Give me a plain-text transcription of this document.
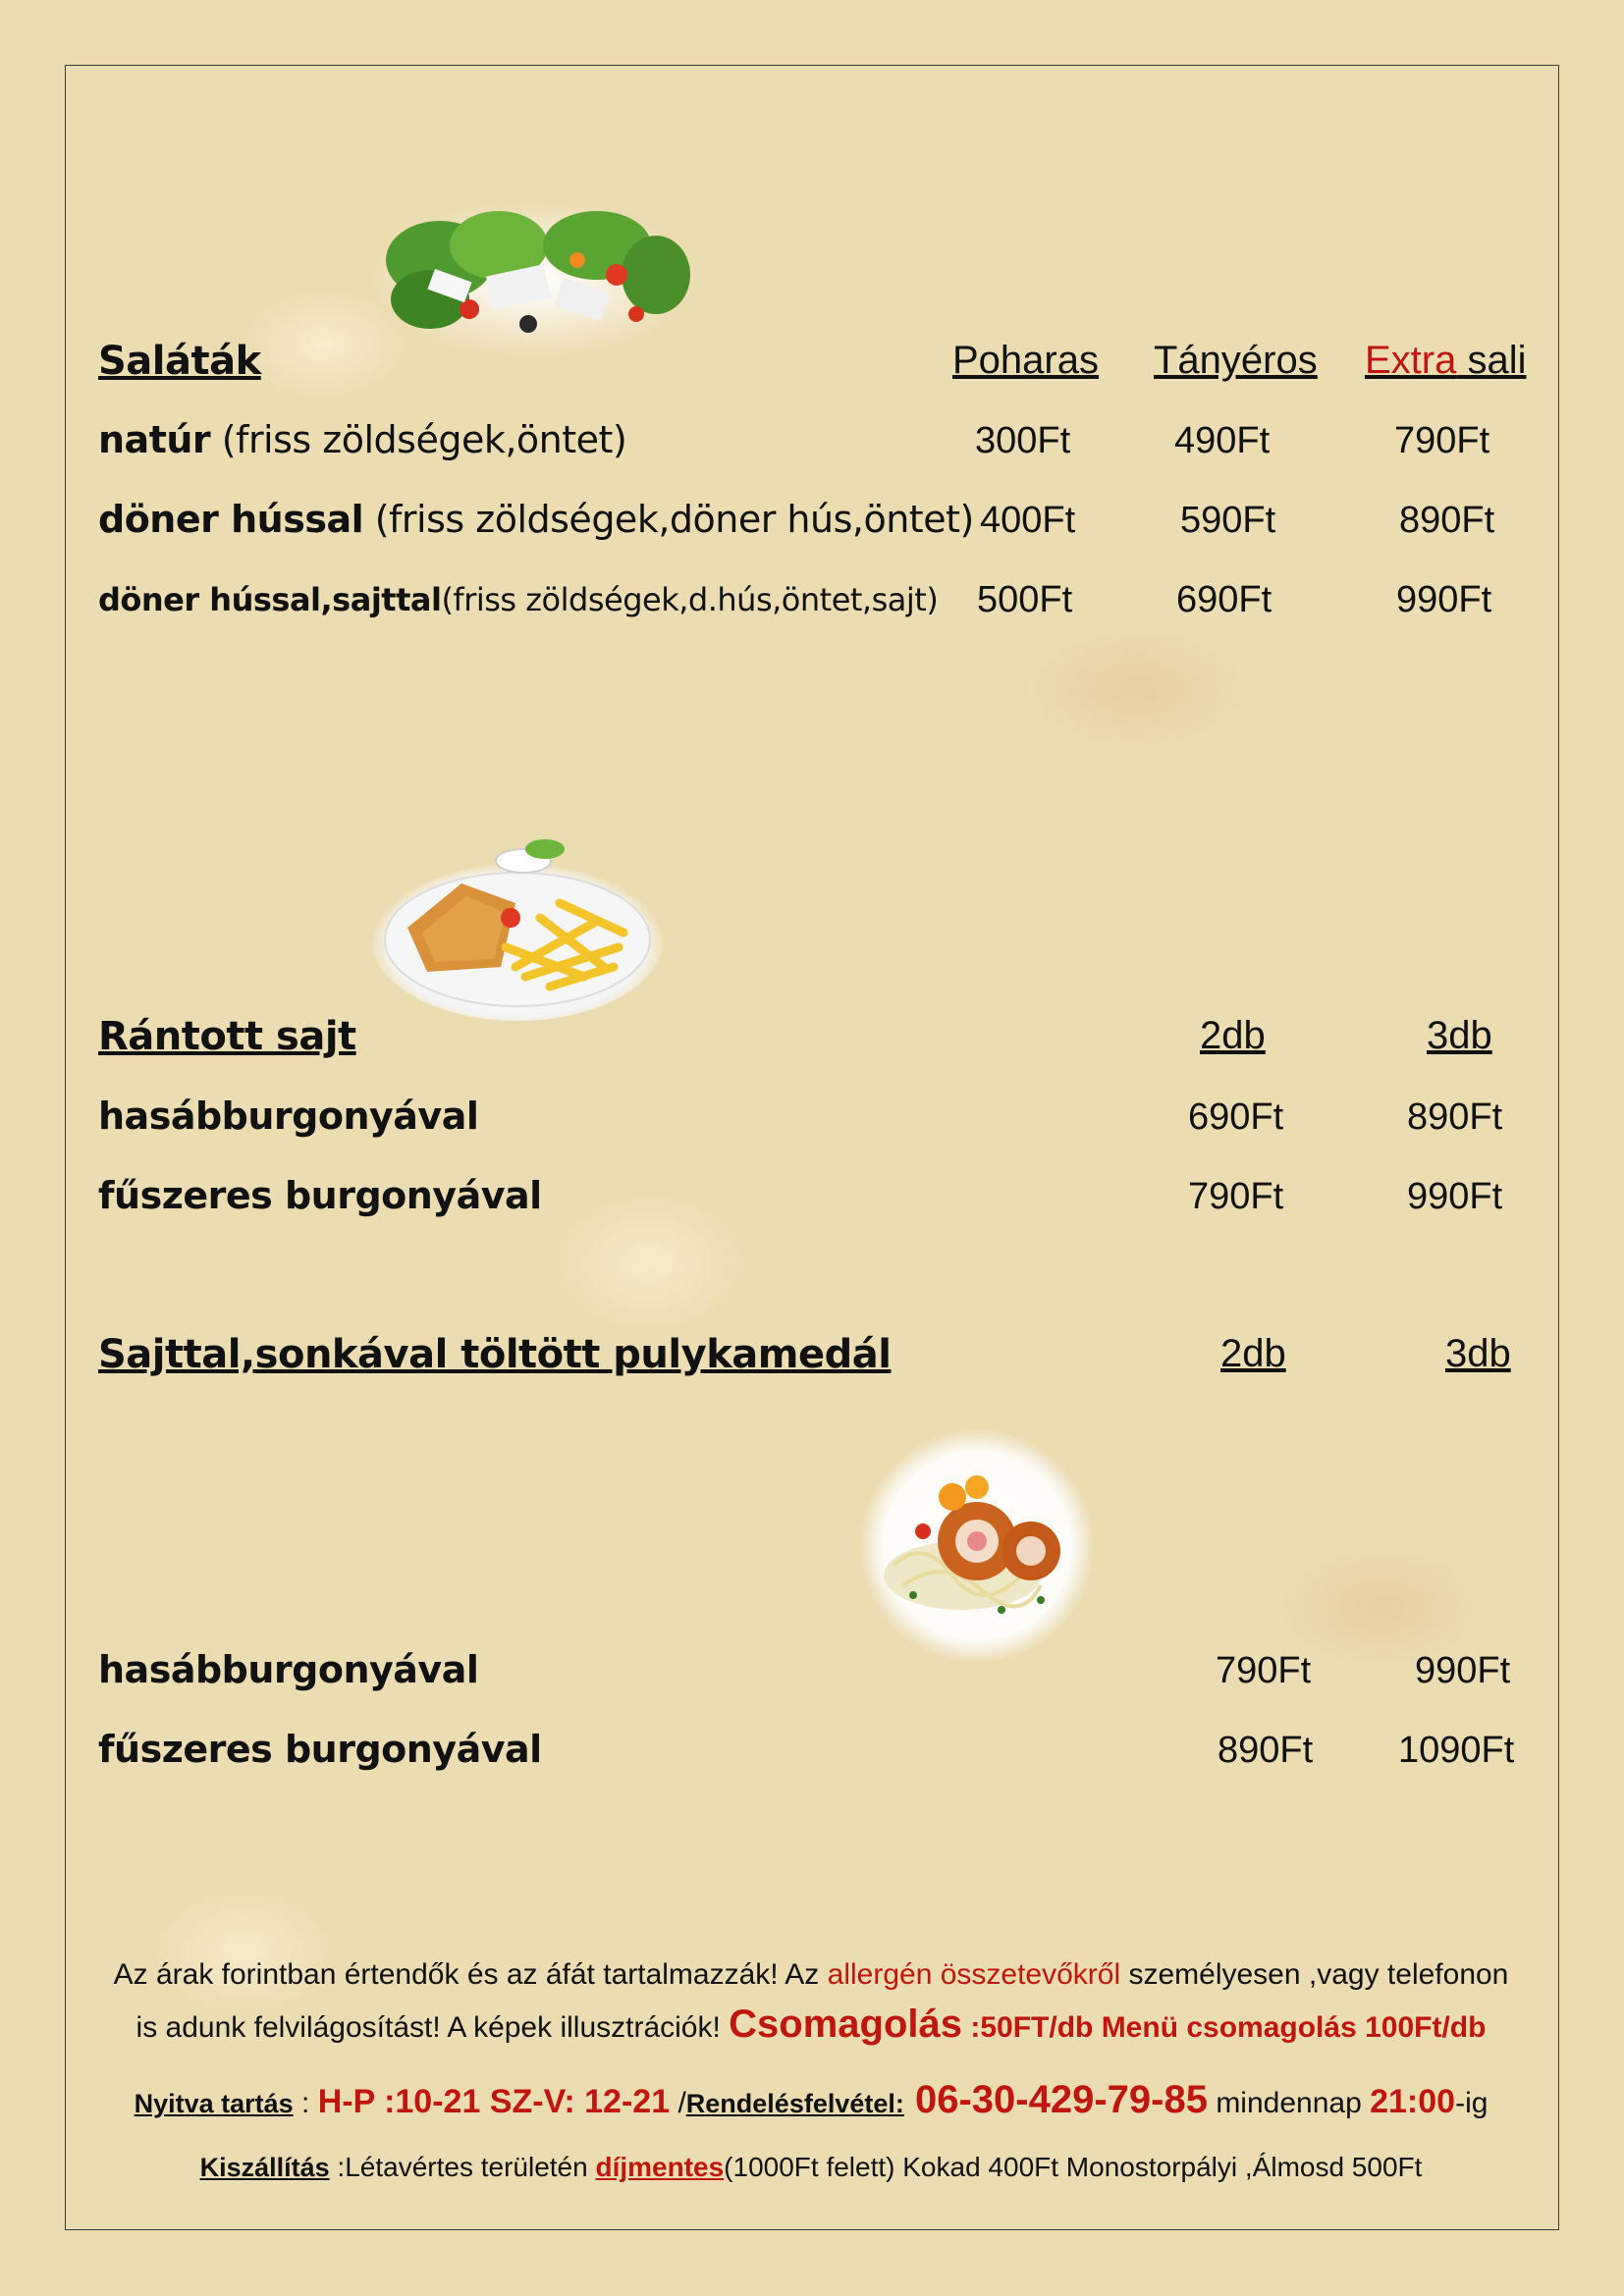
Saláták	Poharas Tányéros Extra sali
natúr (friss zöldségek,öntet)	300Ft	490Ft	790Ft
döner hússal (friss zöldségek,döner hús,öntet) 400Ft	590Ft	890Ft
döner hússal,sajttal(friss zöldségek,d.hús,öntet,sajt) 500Ft	690Ft	990Ft
Rántott sajt	2db	3db
hasábburgonyával	690Ft	890Ft
fűszeres burgonyával	790Ft	990Ft
Sajttal,sonkával töltött pulykamedál	2db	3db
hasábburgonyával	790Ft	990Ft
fűszeres burgonyával	890Ft 1090Ft
Az árak forintban értendők és az áfát tartalmazzák! Az allergén összetevőkről személyesen ,vagy telefonon
is adunk felvilágosítást! A képek illusztrációk! Csomagolás :50FT/db Menü csomagolás 100Ft/db
Nyitva tartás : H-P :10-21 SZ-V: 12-21 /Rendelésfelvétel: 06-30-429-79-85 mindennap 21:00-ig
Kiszállítás :Létavértes területén díjmentes(1000Ft felett) Kokad 400Ft Monostorpályi ,Álmosd 500Ft
